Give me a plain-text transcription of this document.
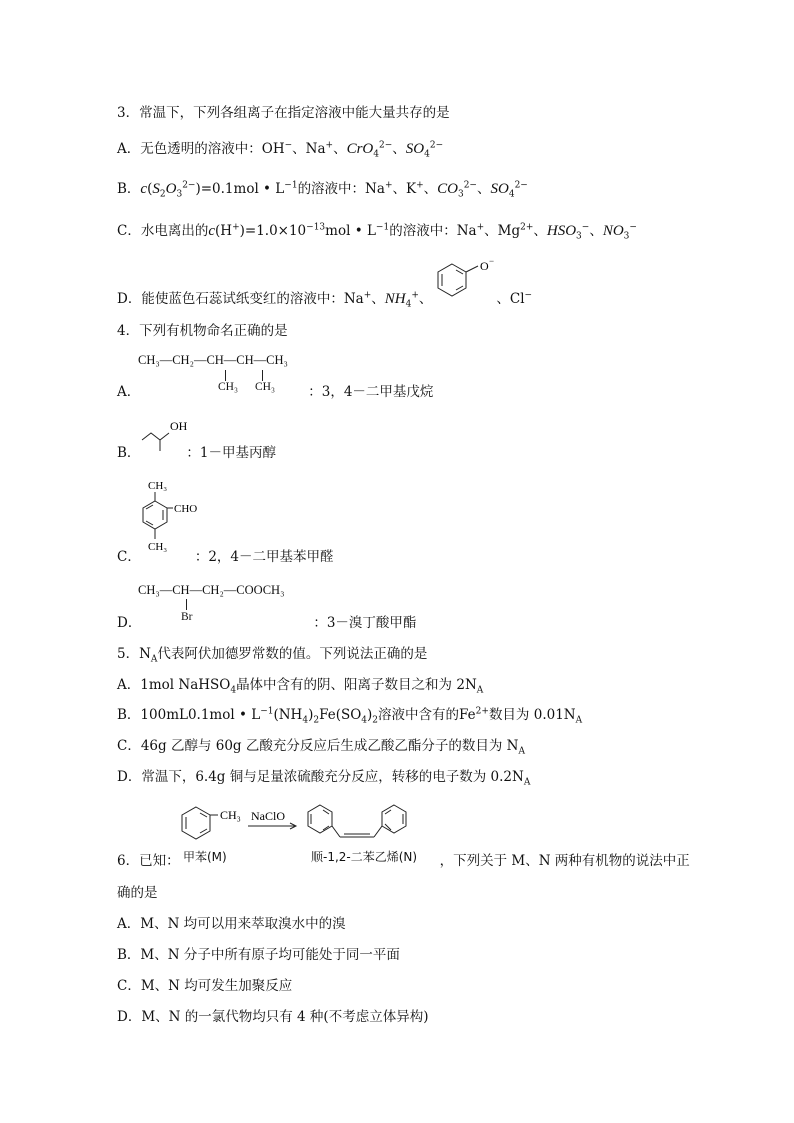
3．常温下，下列各组离子在指定溶液中能大量共存的是
A．无色透明的溶液中：OH−、Na+、CrO$_4^{2-}$、$SO_4^{2-}$
B．$c(S_2O_3^{2-})=0.1mol$ • $L^{-1}$的溶液中：Na+、K+、$CO_3^{2-}$、$SO_4^{2-}$
C．水电离出的$c(H^+)=1.0\times 10^{-13}mol$ • $L^{-1}$的溶液中：Na+、$Mg^{2+}$、$HSO_3^-$、$NO_3^-$
D．能使蓝色石蕊试纸变红的溶液中：Na+、$NH_4^+$、	、Cl−
O −
4．下列有机物命名正确的是
CH₃—CH₂—CH—CH—CH₃
CH₃ CH₃
A．	：3，4－二甲基戊烷
OH
B．	：1－甲基丙醇
CH₃
CHO
CH₃
C．	：2，4－二甲基苯甲醛
CH₃—CH—CH₂—COOCH₃
Br
D．	：3－溴丁酸甲酯
5．$N_A$代表阿伏加德罗常数的值。下列说法正确的是
A．1mol NaHSO$_4$晶体中含有的阴、阳离子数目之和为 $2N_A$
B．100mL0.1mol • $L^{-1}(NH_4)_2Fe(SO_4)_2$溶液中含有的$Fe^{2+}$数目为 $0.01N_A$
C．46g 乙醇与 60g 乙酸充分反应后生成乙酸乙酯分子的数目为 $N_A$
D．常温下，6.4g 铜与足量浓硫酸充分反应，转移的电子数为 $0.2N_A$
CH₃ NaClO
甲苯(M)	顺-1,2-二苯乙烯(N)
6．已知：	，下列关于 M、N 两种有机物的说法中正
确的是
A．M、N 均可以用来萃取溴水中的溴
B．M、N 分子中所有原子均可能处于同一平面
C．M、N 均可发生加聚反应
D．M、N 的一氯代物均只有 4 种(不考虑立体异构)
